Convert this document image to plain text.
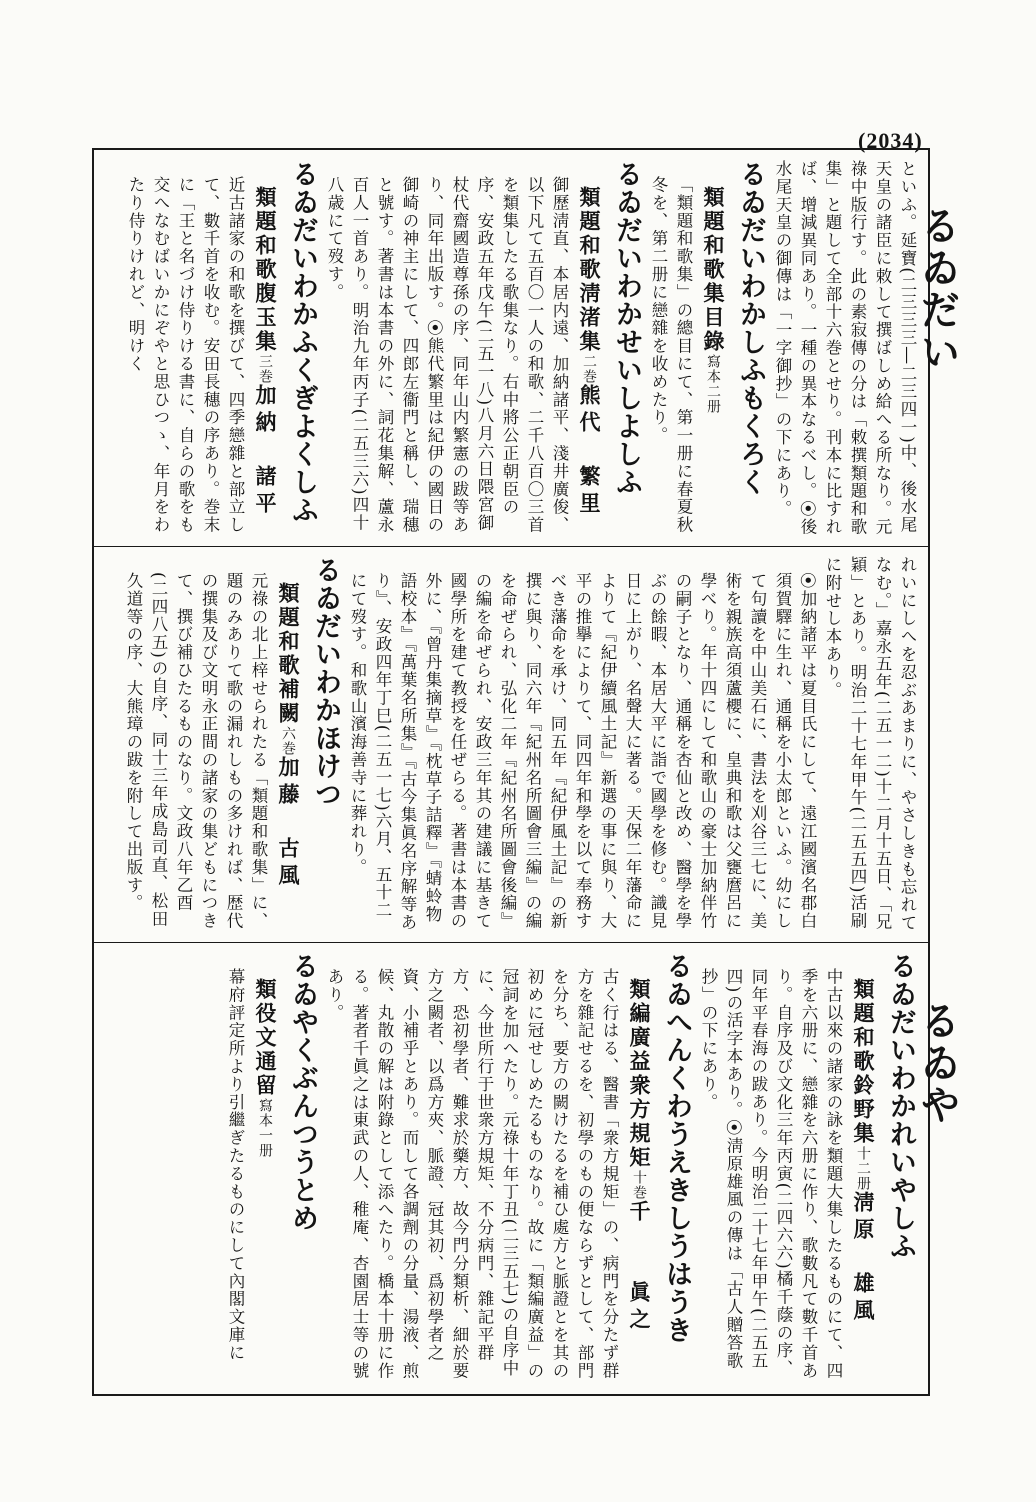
(2034)
るゐだい
るゐや
といふ。延寶(二三三三―二三四一)中、後水尾天皇の諸臣に敕して撰ばしめ給へる所なり。元祿中版行す。此の素寂傳の分は「敕撰類題和歌集」と題して全部十六巻とせり。刊本に比すれば、增減異同あり。一種の異本なるべし。⦿後水尾天皇の御傳は「一字御抄」の下にあり。
るゐだいわかしふもくろく
類題和歌集目錄寫本二册
「類題和歌集」の總目にて、第一册に春夏秋冬を、第二册に戀雜を收めたり。
るゐだいわかせいしよしふ
類題和歌淸渚集二巻熊代　繁里
御歷淸直、本居内遠、加納諸平、淺井廣俊、以下凡て五百〇一人の和歌、二千八百〇三首を類集したる歌集なり。右中將公正朝臣の序、安政五年戊午(二五一八)八月六日隈宮御杖代齋國造尊孫の序、同年山内繁憲の跋等あり、同年出版す。⦿熊代繁里は紀伊の國日の御崎の神主にして、四郎左衞門と稱し、瑞穗と號す。著書は本書の外に、詞花集解、蘆永百人一首あり。明治九年丙子(二五三六)四十八歳にて歿す。
るゐだいわかふくぎよくしふ
類題和歌腹玉集三巻加納　諸平
近古諸家の和歌を撰びて、四季戀雜と部立して、數千首を收む。安田長穗の序あり。巻末に「王と名づけ侍りける書に、自らの歌をも交へなむばいかにぞやと思ひつゝ、年月をわたり侍りけれど、明けく
れいにしへを忍ぶあまりに、やさしきも忘れてなむ。」嘉永五年(二五一二)十二月十五日、「兄穎」とあり。明治二十七年甲午(二五五四)活刷に附せし本あり。
⦿加納諸平は夏目氏にして、遠江國濱名郡白須賀驛に生れ、通稱を小太郎といふ。幼にして句讀を中山美石に、書法を刈谷三七に、美術を親族高須蘆櫻に、皇典和歌は父甕麿呂に學べり。年十四にして和歌山の豪士加納伴竹の嗣子となり、通稱を杏仙と改め、醫學を學ぶの餘暇、本居大平に詣で國學を修む。識見日に上がり、名聲大に著る。天保二年藩命によりて『紀伊續風土記』新選の事に與り、大平の推擧によりて、同四年和學を以て奉務すべき藩命を承け、同五年『紀伊風土記』の新撰に與り、同六年『紀州名所圖會三編』の編を命ぜられ、弘化二年『紀州名所圖會後編』の編を命ぜられ、安政三年其の建議に基きて國學所を建て教授を任ぜらる。著書は本書の外に、『曾丹集摘草』『枕草子詰釋』『蜻蛉物語校本』『萬葉名所集』『古今集眞名序解等あり』、安政四年丁巳(二五一七)六月、五十二にて歿す。和歌山濱海善寺に葬れり。
るゐだいわかほけつ
類題和歌補闕六巻加藤　古風
元祿の北上梓せられたる「類題和歌集」に、題のみありて歌の漏れしもの多ければ、歴代の撰集及び文明永正間の諸家の集どもにつきて、撰び補ひたるものなり。文政八年乙酉(二四八五)の自序、同十三年成島司直、松田久道等の序、大熊璋の跋を附して出版す。
るゐだいわかれいやしふ
類題和歌鈴野集十二册淸原　雄風
中古以來の諸家の詠を類題大集したるものにて、四季を六册に、戀雜を六册に作り、歌數凡て數千首あり。自序及び文化三年丙寅(二四六六)橘千蔭の序、同年平春海の跋あり。今明治二十七年甲午(二五五四)の活字本あり。⦿淸原雄風の傳は「古人贈答歌抄」の下にあり。
るゐへんくわうえきしうはうき
類編廣益衆方規矩十巻千　　眞之
古く行はる、醫書「衆方規矩」の、病門を分たず群方を雜記せるを、初學のもの便ならずとして、部門を分ち、要方の闕けたるを補ひ處方と脈證とを其の初めに冠せしめたるものなり。故に「類編廣益」の冠詞を加へたり。元祿十年丁丑(二三五七)の自序中に、今世所行于世衆方規矩、不分病門、雜記平群方、恐初學者、難求於藥方、故今門分類析、細於要方之闕者、以爲方夾、脈證、冠其初、爲初學者之資、小補乎とあり。而して各調劑の分量、湯液、煎候、丸散の解は附錄として添へたり。橋本十册に作る。著者千眞之は東武の人、稚庵、杏園居士等の號あり。
るゐやくぶんつうとめ
類役文通留寫本一册
幕府評定所より引繼ぎたるものにして內閣文庫に
